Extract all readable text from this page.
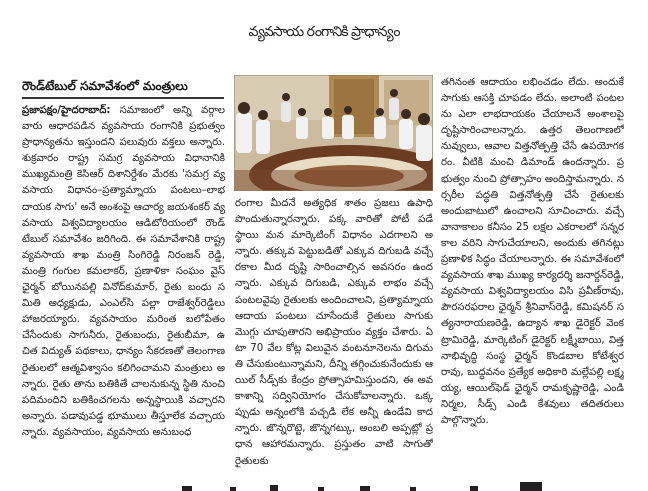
వ్యవసాయ రంగానికి ప్రాధాన్యం
రౌండ్‌టేబుల్ సమావేశంలో మంత్రులు

ప్రజాపక్షం/హైదరాబాద్: సమాజంలో అన్ని వర్గాల వారు ఆధారపడిన వ్యవసాయ రంగానికి ప్రభుత్వం ప్రాధాన్యతను ఇస్తుందని పలువురు వక్తలు అన్నారు. శుక్రవారం రాష్ట్ర సమగ్ర వ్యవసాయ విధానానికి ముఖ్యమంత్రి కెసిఆర్ దిశానిర్దేశం మేరకు 'సమగ్ర వ్యవసాయ విధానం–ప్రత్యామ్నాయ పంటలు–లాభదాయక సాగు' అనే అంశంపై ఆచార్య జయశంకర్ వ్యవసాయ విశ్వవిద్యాలయం ఆడిటోరియంలో రౌండ్ టేబుల్ సమావేశం జరిగింది. ఈ సమావేశానికి రాష్ట్ర వ్యవసాయ శాఖ మంత్రి సింగిరెడ్డి నిరంజన్ రెడ్డి, మంత్రి గంగుల కమలాకర్, ప్రణాళికా సంఘం వైస్ ఛైర్మన్ బోయినపల్లి వినోద్‌కుమార్, రైతు బంధు సమితి అధ్యక్షుడు, ఎంఎల్‌సి పల్లా రాజేశ్వర్‌రెడ్డిలు హాజరయ్యారు. వ్యవసాయం మరింత బలోపేతం చేసేందుకు సాగునీరు, రైతుబంధు, రైతుబీమా, ఉచిత విద్యుత్ పథకాలు, ధాన్యం సేకరణతో తెలంగాణ రైతులలో ఆత్మవిశ్వాసం కలిగించామని మంత్రులు అన్నారు. రైతు తాను బతికితే చాలనుకున్న స్థితి నుంచి పదిమందిని బతికించగలను అన్నస్థాయికి వచ్చారని అన్నారు. పడావుపడ్డ భూములు తీస్తూలేక వచ్చాయన్నారు. వ్యవసాయం, వ్యవసాయ అనుబంధ

రంగాల మీదనే అత్యధిక శాతం ప్రజలు ఉపాధి పొందుతున్నారన్నారు. పక్క వారితో పోటీ పడే స్థాయి మన మార్కెటింగ్ విధానం ఎదగాలని అన్నారు. తక్కువ పెట్టుబడితో ఎక్కువ దిగుబడి వచ్చే రకాల మీద దృష్టి సారించాల్సిన అవసరం ఉందన్నారు. ఎక్కువ దిగుబడి, ఎక్కువ లాభం వచ్చే పంటలవైపు రైతులకు అందించాలని, ప్రత్యామ్నాయ ఆదాయ పంటలు చూసేందుకే రైతులు సాగుకు మొగ్గు చూపుతారని అభిప్రాయం వ్యక్తం చేశారు. ఏటా 70 వేల కోట్ల విలువైన వంటనూనెలను దిగుమతి చేసుకుంటున్నామని, దీన్ని తగ్గించుకునేందుకు ఆయిల్ సీడ్స్‌కు కేంద్రం ప్రోత్సాహమిస్తుందని, ఈ అవకాశాన్ని సద్వినియోగం చేసుకోవాలన్నారు. ఒక్కప్పుడు అన్నంలోకి పచ్చడి లేక అన్నీ ఉండేవి కాదన్నారు. జొన్నరొట్టె, జొన్నగట్కు, అంబలి అప్పట్లో ప్రధాన ఆహారమన్నారు. ప్రస్తుతం వాటి సాగుతో రైతులకు

తగినంత ఆదాయం లభించడం లేదు. అందుకే సాగుకు ఆసక్తి చూపడం లేదు. అలాంటి పంటలను ఎలా లాభదాయకం చేయాలనే అంశాలపై దృష్టిసారించాలన్నారు. ఉత్తర తెలంగాణలో నువ్వులు, ఆవాల విత్తనోత్పత్తి చేసే ఉపయోగకరం. వీటికి మంచి డిమాండ్ ఉందన్నారు. ప్రభుత్వం నుంచి ప్రోత్సాహం అందిస్తామన్నారు. నర్సరీల పద్ధతి విత్తనోత్పత్తి చేసే రైతులకు అందుబాటులో ఉంచాలని సూచించారు. వచ్చే వానాకాలం కనీసం 25 లక్షల ఎకరాలలో సన్నరకాల వరిని సాగుచేయాలని, అందుకు తగినట్లు ప్రణాళిక సిద్ధం చేయాలన్నారు. ఈ సమావేశంలో వ్యవసాయ శాఖ ముఖ్య కార్యదర్శి జనార్దన్‌రెడ్డి, వ్యవసాయ విశ్వవిద్యాలయం విసి ప్రవీణ్‌రావు, పౌరసరఫరాల ఛైర్మన్ శ్రీనివాస్‌రెడ్డి, కమిషనర్ సత్యనారాయణరెడ్డి, ఉద్యాన శాఖ డైరెక్టర్ వెంకట్రామిరెడ్డి, మార్కెటింగ్ డైరెక్టర్ లక్ష్మీబాయి, విత్తనాభివృద్ధి సంస్థ ఛైర్మన్ కొండబాల కోటేశ్వర రావు, బుద్ధవనం ప్రత్యేక అధికారి మల్లేపల్లి లక్ష్మయ్య, ఆయిల్‌ఫెడ్ ఛైర్మన్ రామకృష్ణారెడ్డి, ఎండి నిర్మల, సీడ్స్ ఎండి కేశవులు తదితరులు పాల్గొన్నారు.
